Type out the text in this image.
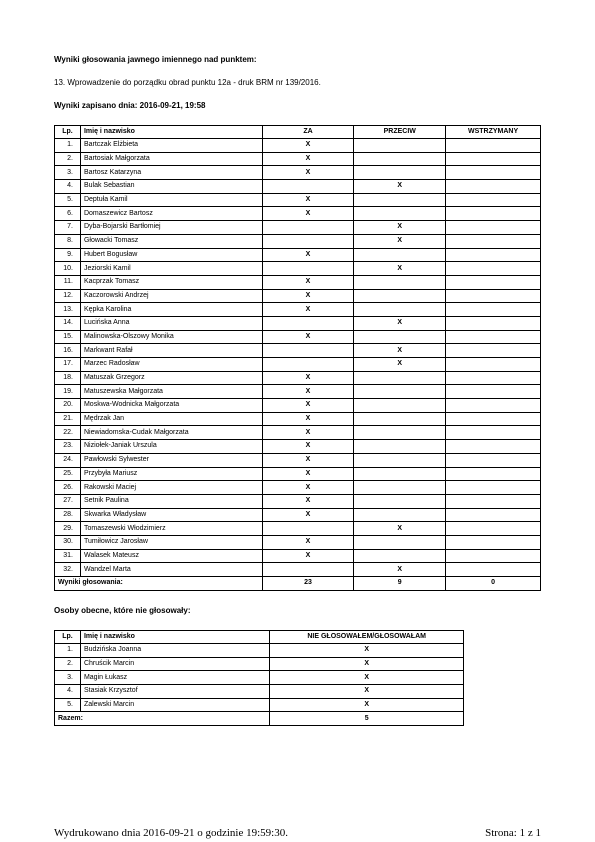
Wyniki głosowania jawnego imiennego nad punktem:
13. Wprowadzenie do porządku obrad punktu 12a - druk BRM nr 139/2016.
Wyniki zapisano dnia: 2016-09-21, 19:58
Lp.	Imię i nazwisko	ZA	PRZECIW	WSTRZYMANY
1.	Bartczak Elżbieta	X		
2.	Bartosiak Małgorzata	X		
3.	Bartosz Katarzyna	X		
4.	Bulak Sebastian		X	
5.	Deptuła Kamil	X		
6.	Domaszewicz Bartosz	X		
7.	Dyba-Bojarski Bartłomiej		X	
8.	Głowacki Tomasz		X	
9.	Hubert Bogusław	X		
10.	Jeziorski Kamil		X	
11.	Kacprzak Tomasz	X		
12.	Kaczorowski Andrzej	X		
13.	Kępka Karolina	X		
14.	Lucińska Anna		X	
15.	Malinowska-Olszowy Monika	X		
16.	Markwant Rafał		X	
17.	Marzec Radosław		X	
18.	Matuszak Grzegorz	X		
19.	Matuszewska Małgorzata	X		
20.	Moskwa-Wodnicka Małgorzata	X		
21.	Mędrzak Jan	X		
22.	Niewiadomska-Cudak Małgorzata	X		
23.	Niziołek-Janiak Urszula	X		
24.	Pawłowski Sylwester	X		
25.	Przybyła Mariusz	X		
26.	Rakowski Maciej	X		
27.	Setnik Paulina	X		
28.	Skwarka Władysław	X		
29.	Tomaszewski Włodzimierz		X	
30.	Tumiłowicz Jarosław	X		
31.	Walasek Mateusz	X		
32.	Wandzel Marta		X	
Wyniki głosowania:		23	9	0
Osoby obecne, które nie głosowały:
Lp.	Imię i nazwisko	NIE GŁOSOWAŁEM/GŁOSOWAŁAM
1.	Budzińska Joanna	X
2.	Chruścik Marcin	X
3.	Magin Łukasz	X
4.	Stasiak Krzysztof	X
5.	Zalewski Marcin	X
Razem:		5
Wydrukowano dnia 2016-09-21 o godzinie 19:59:30.	Strona: 1 z 1
